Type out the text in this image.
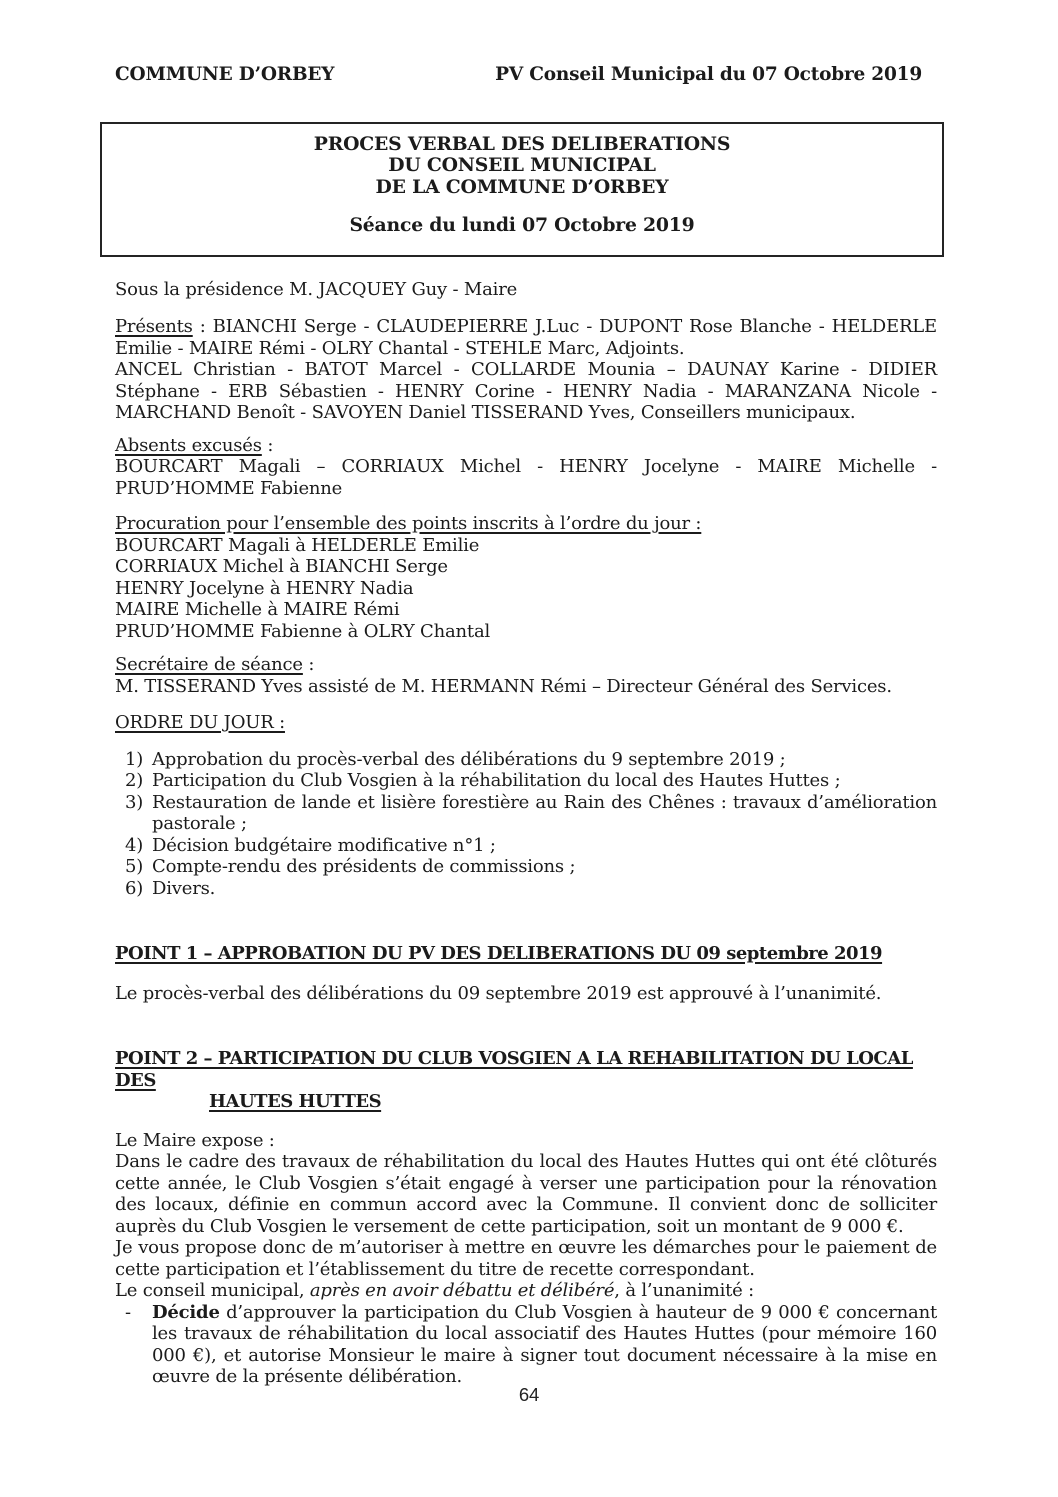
COMMUNE D’ORBEY	PV Conseil Municipal du 07 Octobre 2019
PROCES VERBAL DES DELIBERATIONS
DU CONSEIL MUNICIPAL
DE LA COMMUNE D’ORBEY
Séance du lundi 07 Octobre 2019

Sous la présidence M. JACQUEY Guy - Maire

Présents : BIANCHI Serge - CLAUDEPIERRE J.Luc - DUPONT Rose Blanche - HELDERLE Emilie - MAIRE Rémi - OLRY Chantal - STEHLE Marc, Adjoints.

ANCEL Christian - BATOT Marcel - COLLARDE Mounia – DAUNAY Karine - DIDIER Stéphane - ERB Sébastien - HENRY Corine - HENRY Nadia - MARANZANA Nicole - MARCHAND Benoît - SAVOYEN Daniel TISSERAND Yves, Conseillers municipaux.

Absents excusés :

BOURCART Magali – CORRIAUX Michel - HENRY Jocelyne - MAIRE Michelle - PRUD’HOMME Fabienne

Procuration pour l’ensemble des points inscrits à l’ordre du jour :

BOURCART Magali à HELDERLE Emilie

CORRIAUX Michel à BIANCHI Serge

HENRY Jocelyne à HENRY Nadia

MAIRE Michelle à MAIRE Rémi

PRUD’HOMME Fabienne à OLRY Chantal

Secrétaire de séance :

M. TISSERAND Yves assisté de M. HERMANN Rémi – Directeur Général des Services.

ORDRE DU JOUR :

1) Approbation du procès-verbal des délibérations du 9 septembre 2019 ;
2) Participation du Club Vosgien à la réhabilitation du local des Hautes Huttes ;
3) Restauration de lande et lisière forestière au Rain des Chênes : travaux d’amélioration pastorale ;
4) Décision budgétaire modificative n°1 ;
5) Compte-rendu des présidents de commissions ;
6) Divers.

POINT 1 – APPROBATION DU PV DES DELIBERATIONS DU 09 septembre 2019

Le procès-verbal des délibérations du 09 septembre 2019 est approuvé à l’unanimité.

POINT 2 – PARTICIPATION DU CLUB VOSGIEN A LA REHABILITATION DU LOCAL DES
HAUTES HUTTES

Le Maire expose :

Dans le cadre des travaux de réhabilitation du local des Hautes Huttes qui ont été clôturés cette année, le Club Vosgien s’était engagé à verser une participation pour la rénovation des locaux, définie en commun accord avec la Commune. Il convient donc de solliciter auprès du Club Vosgien le versement de cette participation, soit un montant de 9 000 €.

Je vous propose donc de m’autoriser à mettre en œuvre les démarches pour le paiement de cette participation et l’établissement du titre de recette correspondant.

Le conseil municipal, après en avoir débattu et délibéré, à l’unanimité :

-	Décide d’approuver la participation du Club Vosgien à hauteur de 9 000 € concernant les travaux de réhabilitation du local associatif des Hautes Huttes (pour mémoire 160 000 €), et autorise Monsieur le maire à signer tout document nécessaire à la mise en œuvre de la présente délibération.
64
